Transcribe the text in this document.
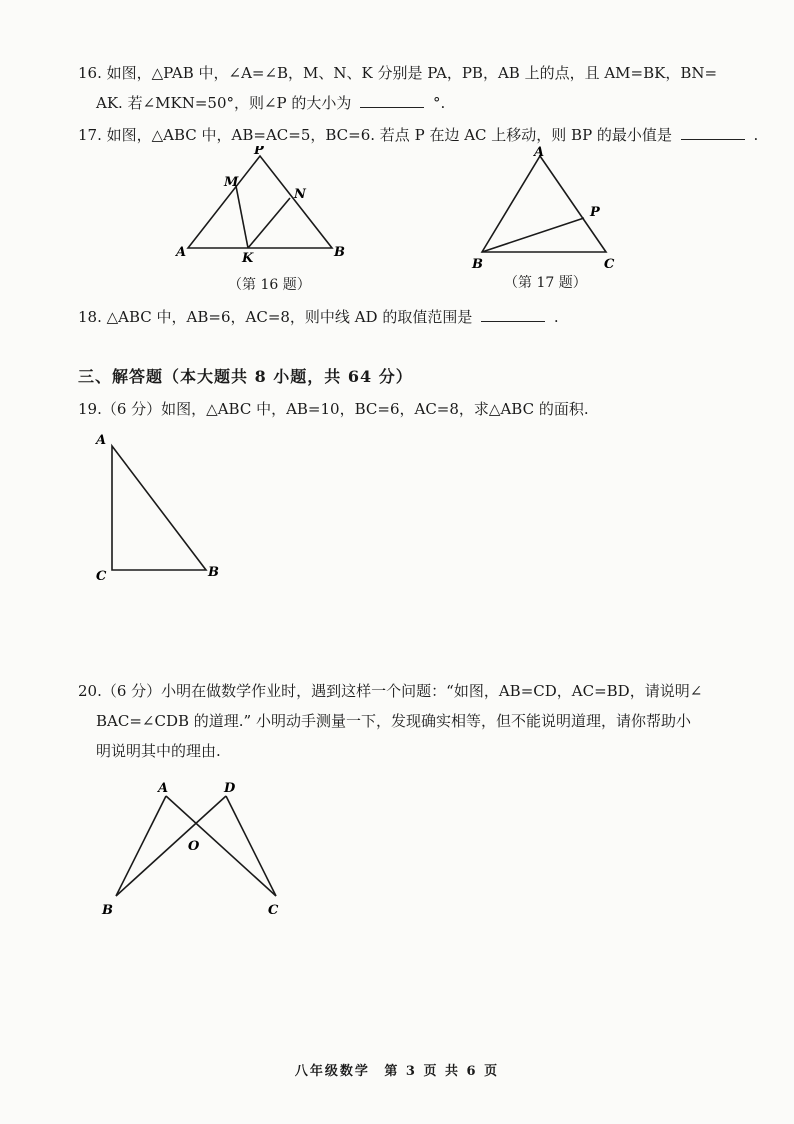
16. 如图，△PAB 中，∠A=∠B，M、N、K 分别是 PA，PB，AB 上的点，且 AM=BK，BN=
AK. 若∠MKN=50°，则∠P 的大小为	°.
17. 如图，△ABC 中，AB=AC=5，BC=6. 若点 P 在边 AC 上移动，则 BP 的最小值是	.
P
M
N
A	K	B
（第 16 题）
A
P
B	C
（第 17 题）
18. △ABC 中，AB=6，AC=8，则中线 AD 的取值范围是	.
三、解答题（本大题共 8 小题，共 64 分）
19.（6 分）如图，△ABC 中，AB=10，BC=6，AC=8，求△ABC 的面积.
A
C	B
20.（6 分）小明在做数学作业时，遇到这样一个问题：“如图，AB=CD，AC=BD，请说明∠
BAC=∠CDB 的道理.” 小明动手测量一下，发现确实相等，但不能说明道理，请你帮助小
明说明其中的理由.
A	D
O
B	C
八年级数学 第 3 页 共 6 页
